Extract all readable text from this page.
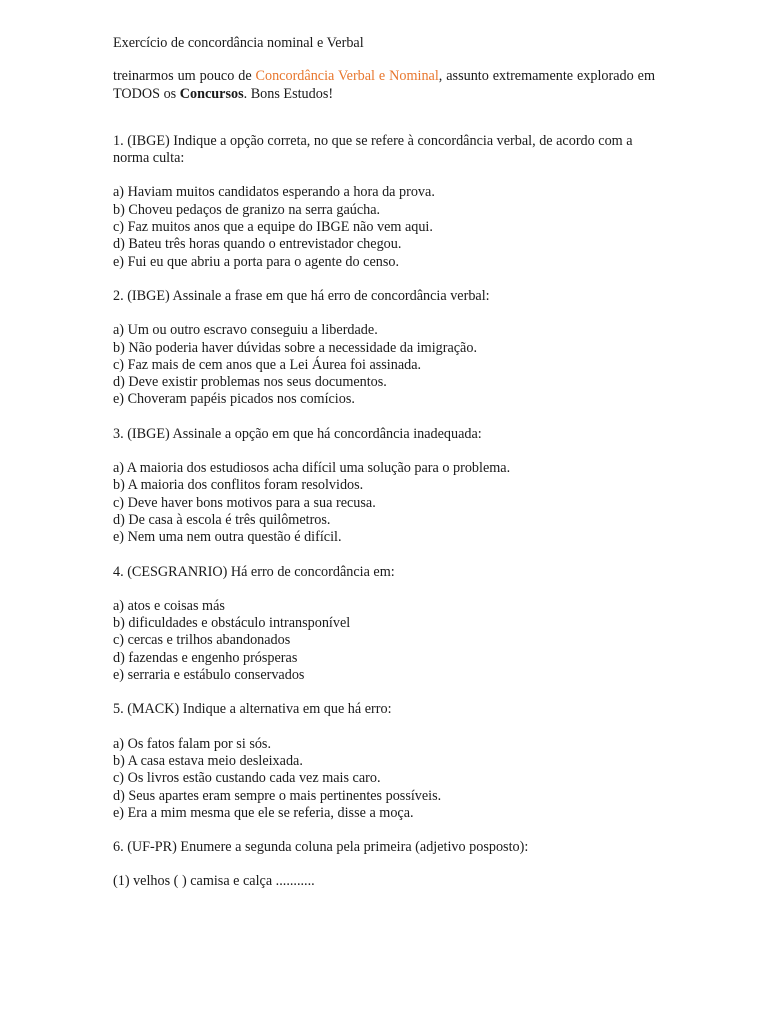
Exercício de concordância nominal e Verbal

treinarmos um pouco de Concordância Verbal e Nominal, assunto extremamente explorado em TODOS os Concursos. Bons Estudos!

1. (IBGE) Indique a opção correta, no que se refere à concordância verbal, de acordo com a norma culta:

a) Haviam muitos candidatos esperando a hora da prova.

b) Choveu pedaços de granizo na serra gaúcha.

c) Faz muitos anos que a equipe do IBGE não vem aqui.

d) Bateu três horas quando o entrevistador chegou.

e) Fui eu que abriu a porta para o agente do censo.

2. (IBGE) Assinale a frase em que há erro de concordância verbal:

a) Um ou outro escravo conseguiu a liberdade.

b) Não poderia haver dúvidas sobre a necessidade da imigração.

c) Faz mais de cem anos que a Lei Áurea foi assinada.

d) Deve existir problemas nos seus documentos.

e) Choveram papéis picados nos comícios.

3. (IBGE) Assinale a opção em que há concordância inadequada:

a) A maioria dos estudiosos acha difícil uma solução para o problema.

b) A maioria dos conflitos foram resolvidos.

c) Deve haver bons motivos para a sua recusa.

d) De casa à escola é três quilômetros.

e) Nem uma nem outra questão é difícil.

4. (CESGRANRIO) Há erro de concordância em:

a) atos e coisas más

b) dificuldades e obstáculo intransponível

c) cercas e trilhos abandonados

d) fazendas e engenho prósperas

e) serraria e estábulo conservados

5. (MACK) Indique a alternativa em que há erro:

a) Os fatos falam por si sós.

b) A casa estava meio desleixada.

c) Os livros estão custando cada vez mais caro.

d) Seus apartes eram sempre o mais pertinentes possíveis.

e) Era a mim mesma que ele se referia, disse a moça.

6. (UF-PR) Enumere a segunda coluna pela primeira (adjetivo posposto):

(1) velhos ( ) camisa e calça ...........
